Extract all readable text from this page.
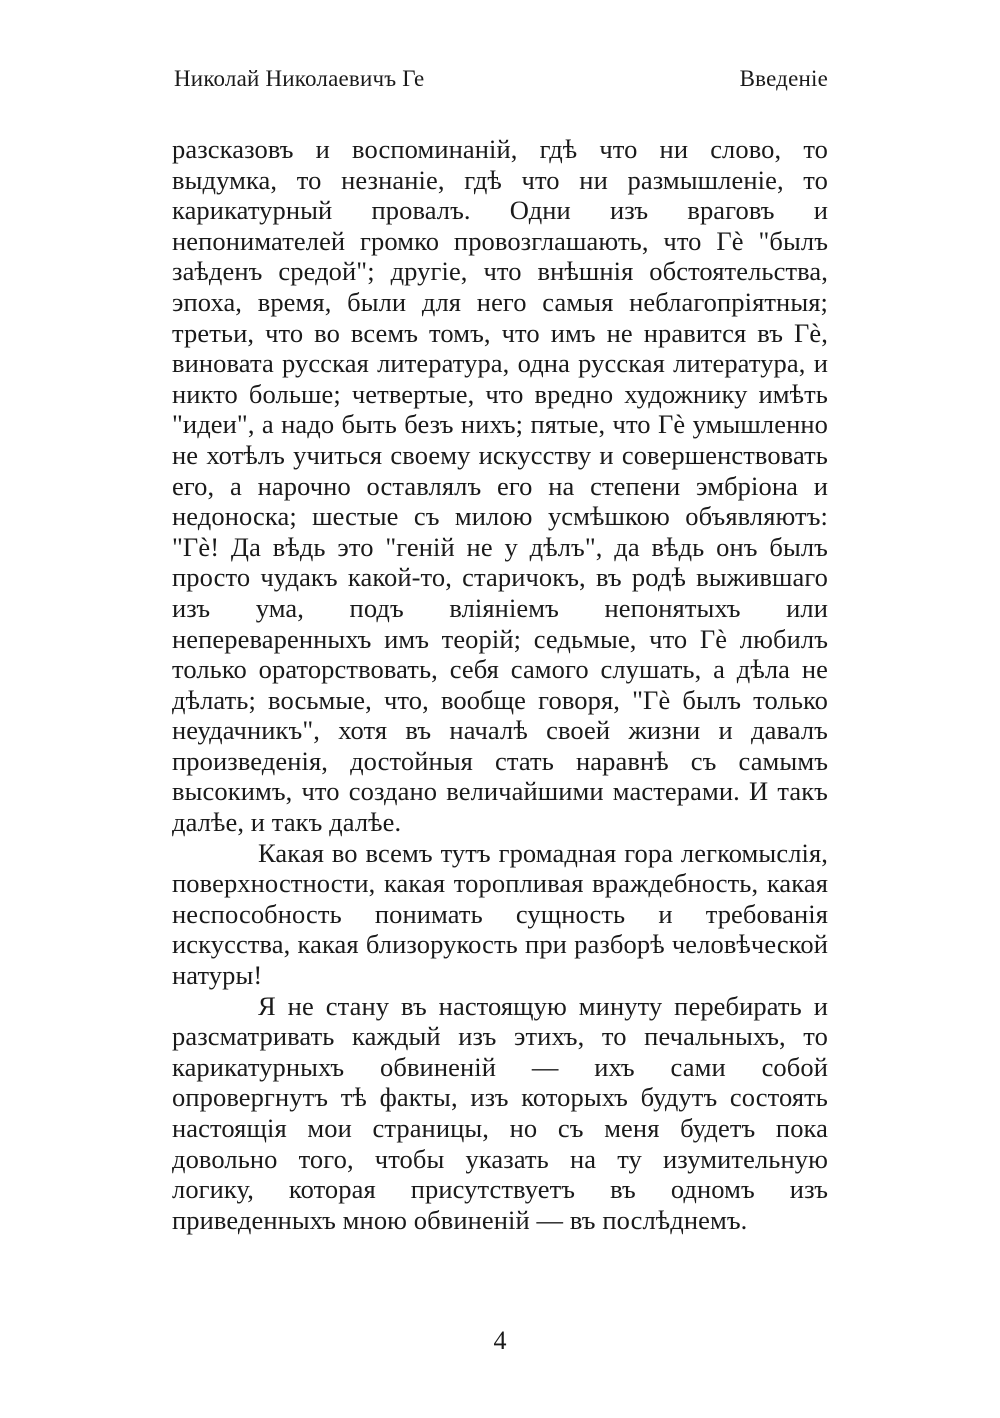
Николай Николаевичъ Ге	Введеніе

разсказовъ и воспоминаній, гдѣ что ни слово, то выдумка, то незнаніе, гдѣ что ни размышленіе, то карикатурный провалъ. Одни изъ враговъ и непонимателей громко провозглашають, что Гè "былъ заѣденъ средой"; другіе, что внѣшнія обстоятельства, эпоха, время, были для него самыя неблагопріятныя; третьи, что во всемъ томъ, что имъ не нравится въ Гè, виновата русская литература, одна русская литература, и никто больше; четвертые, что вредно художнику имѣть "идеи", а надо быть безъ нихъ; пятые, что Гè умышленно не хотѣлъ учиться своему искусству и совершенствовать его, а нарочно оставлялъ его на степени эмбріона и недоноска; шестые съ милою усмѣшкою объявляютъ: "Гè! Да вѣдь это "геній не у дѣлъ", да вѣдь онъ былъ просто чудакъ какой-то, старичокъ, въ родѣ выжившаго изъ ума, подъ вліяніемъ непонятыхъ или непереваренныхъ имъ теорій; седьмые, что Гè любилъ только ораторствовать, себя самого слушать, а дѣла не дѣлать; восьмые, что, вообще говоря, "Гè былъ только неудачникъ", хотя въ началѣ своей жизни и давалъ произведенія, достойныя стать наравнѣ съ самымъ высокимъ, что создано величайшими мастерами. И такъ далѣе, и такъ далѣе.

Какая во всемъ тутъ громадная гора легкомыслія, поверхностности, какая торопливая враждебность, какая неспособность понимать сущность и требованія искусства, какая близорукость при разборѣ человѣческой натуры!

Я не стану въ настоящую минуту перебирать и разсматривать каждый изъ этихъ, то печальныхъ, то карикатурныхъ обвиненій — ихъ сами собой опровергнутъ тѣ факты, изъ которыхъ будутъ состоять настоящія мои страницы, но съ меня будетъ пока довольно того, чтобы указать на ту изумительную логику, которая присутствуетъ въ одномъ изъ приведенныхъ мною обвиненій — въ послѣднемъ.

4
